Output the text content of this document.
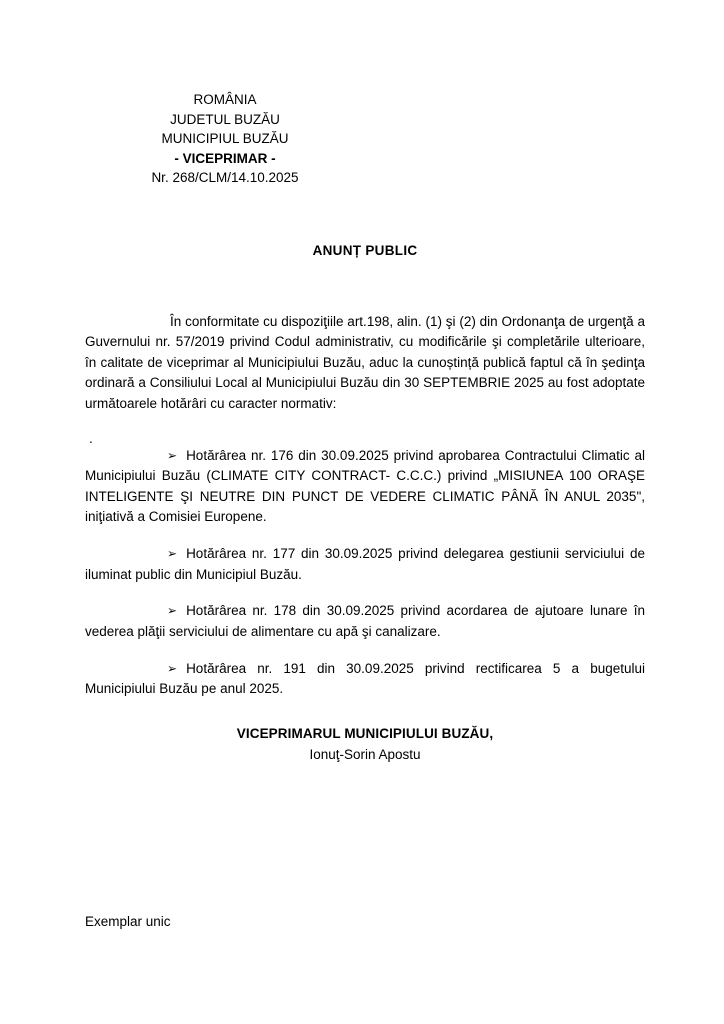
ROMÂNIA
JUDETUL BUZĂU
MUNICIPIUL BUZĂU
- VICEPRIMAR -
Nr. 268/CLM/14.10.2025
ANUNȚ PUBLIC

În conformitate cu dispoziţiile art.198, alin. (1) şi (2) din Ordonanţa de urgenţă a Guvernului nr. 57/2019 privind Codul administrativ, cu modificările şi completările ulterioare, în calitate de viceprimar al Municipiului Buzău, aduc la cunoștință publică faptul că în şedinţa ordinară a Consiliului Local al Municipiului Buzău din 30 SEPTEMBRIE 2025 au fost adoptate următoarele hotărâri cu caracter normativ:

.

➢ Hotărârea nr. 176 din 30.09.2025 privind aprobarea Contractului Climatic al Municipiului Buzău (CLIMATE CITY CONTRACT- C.C.C.) privind „MISIUNEA 100 ORAŞE INTELIGENTE ŞI NEUTRE DIN PUNCT DE VEDERE CLIMATIC PÂNĂ ÎN ANUL 2035", iniţiativă a Comisiei Europene.

➢ Hotărârea nr. 177 din 30.09.2025 privind delegarea gestiunii serviciului de iluminat public din Municipiul Buzău.

➢ Hotărârea nr. 178 din 30.09.2025 privind acordarea de ajutoare lunare în vederea plăţii serviciului de alimentare cu apă şi canalizare.

➢ Hotărârea nr. 191 din 30.09.2025 privind rectificarea 5 a bugetului Municipiului Buzău pe anul 2025.

VICEPRIMARUL MUNICIPIULUI BUZĂU,
Ionuţ-Sorin Apostu
Exemplar unic
